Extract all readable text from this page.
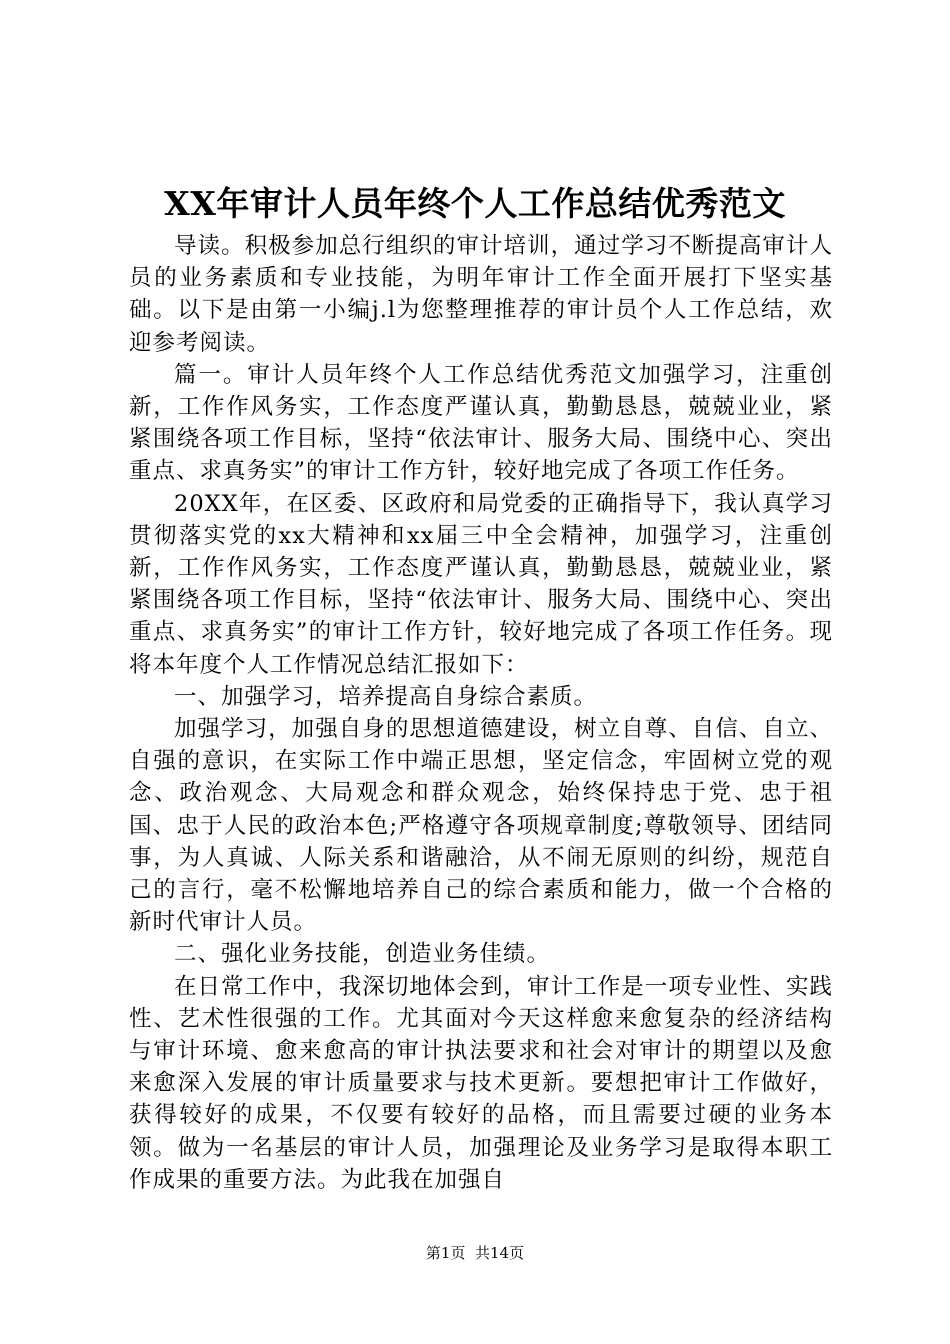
XX年审计人员年终个人工作总结优秀范文

导读。积极参加总行组织的审计培训，通过学习不断提高审计人员的业务素质和专业技能，为明年审计工作全面开展打下坚实基础。以下是由第一小编j.l为您整理推荐的审计员个人工作总结，欢迎参考阅读。

篇一。审计人员年终个人工作总结优秀范文加强学习，注重创新，工作作风务实，工作态度严谨认真，勤勤恳恳，兢兢业业，紧紧围绕各项工作目标，坚持“依法审计、服务大局、围绕中心、突出重点、求真务实”的审计工作方针，较好地完成了各项工作任务。

20XX年，在区委、区政府和局党委的正确指导下，我认真学习贯彻落实党的xx大精神和xx届三中全会精神，加强学习，注重创新，工作作风务实，工作态度严谨认真，勤勤恳恳，兢兢业业，紧紧围绕各项工作目标，坚持“依法审计、服务大局、围绕中心、突出重点、求真务实”的审计工作方针，较好地完成了各项工作任务。现将本年度个人工作情况总结汇报如下：

一、加强学习，培养提高自身综合素质。

加强学习，加强自身的思想道德建设，树立自尊、自信、自立、自强的意识，在实际工作中端正思想，坚定信念，牢固树立党的观念、政治观念、大局观念和群众观念，始终保持忠于党、忠于祖国、忠于人民的政治本色;严格遵守各项规章制度;尊敬领导、团结同事，为人真诚、人际关系和谐融洽，从不闹无原则的纠纷，规范自己的言行，毫不松懈地培养自己的综合素质和能力，做一个合格的新时代审计人员。

二、强化业务技能，创造业务佳绩。

在日常工作中，我深切地体会到，审计工作是一项专业性、实践性、艺术性很强的工作。尤其面对今天这样愈来愈复杂的经济结构与审计环境、愈来愈高的审计执法要求和社会对审计的期望以及愈来愈深入发展的审计质量要求与技术更新。要想把审计工作做好，获得较好的成果，不仅要有较好的品格，而且需要过硬的业务本领。做为一名基层的审计人员，加强理论及业务学习是取得本职工作成果的重要方法。为此我在加强自

第1页 共14页
